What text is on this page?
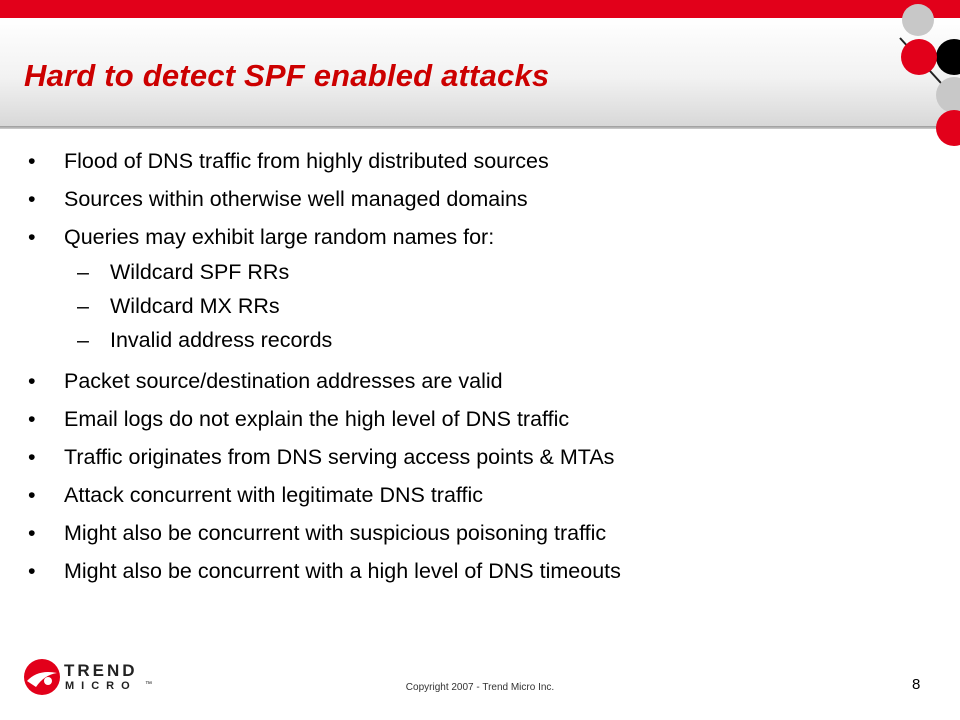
Hard to detect SPF enabled attacks
• Flood of DNS traffic from highly distributed sources
• Sources within otherwise well managed domains
• Queries may exhibit large random names for:
– Wildcard SPF RRs
– Wildcard MX RRs
– Invalid address records
• Packet source/destination addresses are valid
• Email logs do not explain the high level of DNS traffic
• Traffic originates from DNS serving access points & MTAs
• Attack concurrent with legitimate DNS traffic
• Might also be concurrent with suspicious poisoning traffic
• Might also be concurrent with a high level of DNS timeouts
TREND
MICRO ™	Copyright 2007 - Trend Micro Inc.	8
